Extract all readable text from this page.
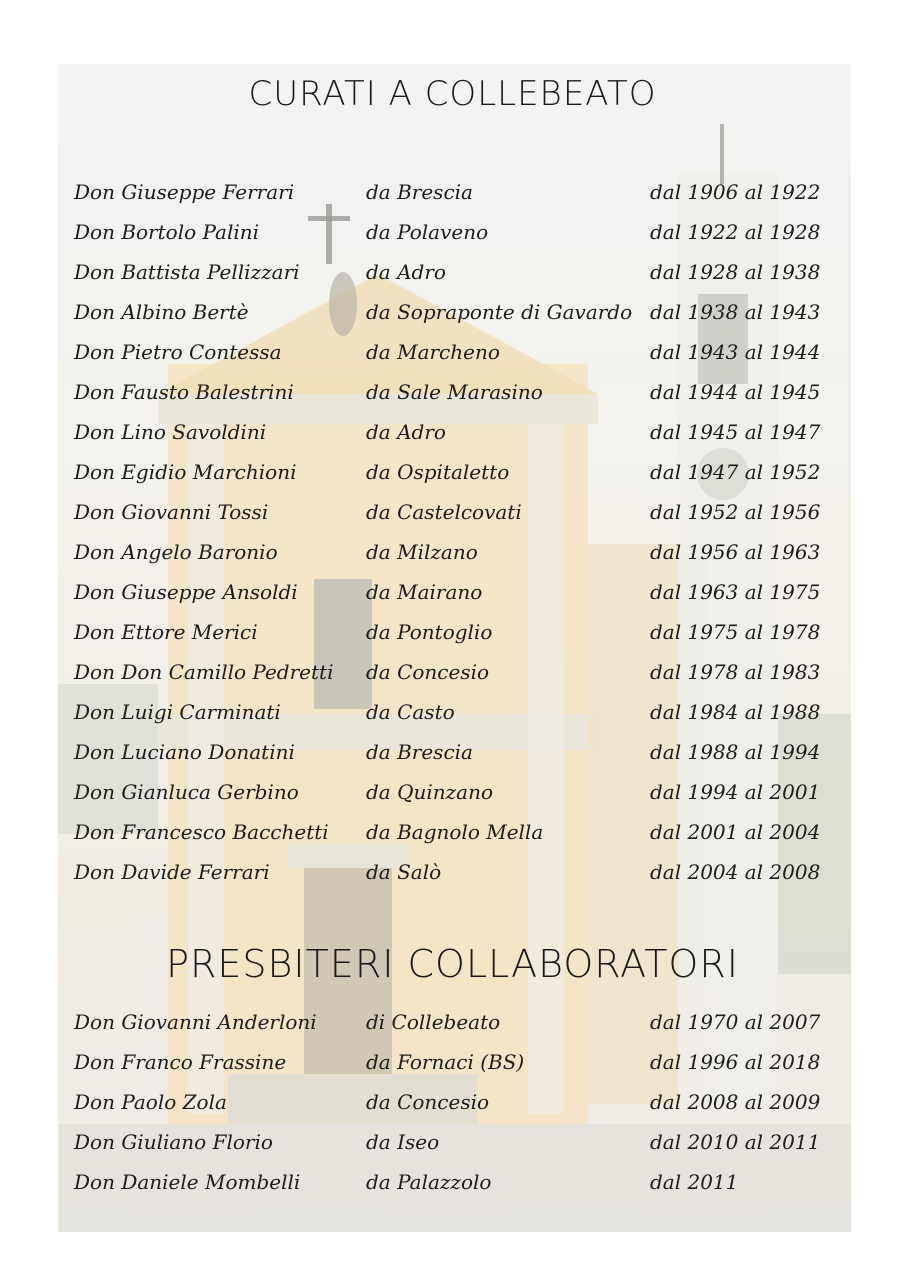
CURATI A COLLEBEATO
Don Giuseppe Ferrari	da Brescia	dal 1906 al 1922
Don Bortolo Palini	da Polaveno	dal 1922 al 1928
Don Battista Pellizzari	da Adro	dal 1928 al 1938
Don Albino Bertè	da Sopraponte di Gavardo dal 1938 al 1943
Don Pietro Contessa	da Marcheno	dal 1943 al 1944
Don Fausto Balestrini	da Sale Marasino	dal 1944 al 1945
Don Lino Savoldini	da Adro	dal 1945 al 1947
Don Egidio Marchioni	da Ospitaletto	dal 1947 al 1952
Don Giovanni Tossi	da Castelcovati	dal 1952 al 1956
Don Angelo Baronio	da Milzano	dal 1956 al 1963
Don Giuseppe Ansoldi	da Mairano	dal 1963 al 1975
Don Ettore Merici	da Pontoglio	dal 1975 al 1978
Don Don Camillo Pedretti da Concesio	dal 1978 al 1983
Don Luigi Carminati	da Casto	dal 1984 al 1988
Don Luciano Donatini	da Brescia	dal 1988 al 1994
Don Gianluca Gerbino	da Quinzano	dal 1994 al 2001
Don Francesco Bacchetti da Bagnolo Mella	dal 2001 al 2004
Don Davide Ferrari	da Salò	dal 2004 al 2008
PRESBITERI COLLABORATORI
Don Giovanni Anderloni di Collebeato	dal 1970 al 2007
Don Franco Frassine	da Fornaci (BS)	dal 1996 al 2018
Don Paolo Zola	da Concesio	dal 2008 al 2009
Don Giuliano Florio	da Iseo	dal 2010 al 2011
Don Daniele Mombelli	da Palazzolo	dal 2011
